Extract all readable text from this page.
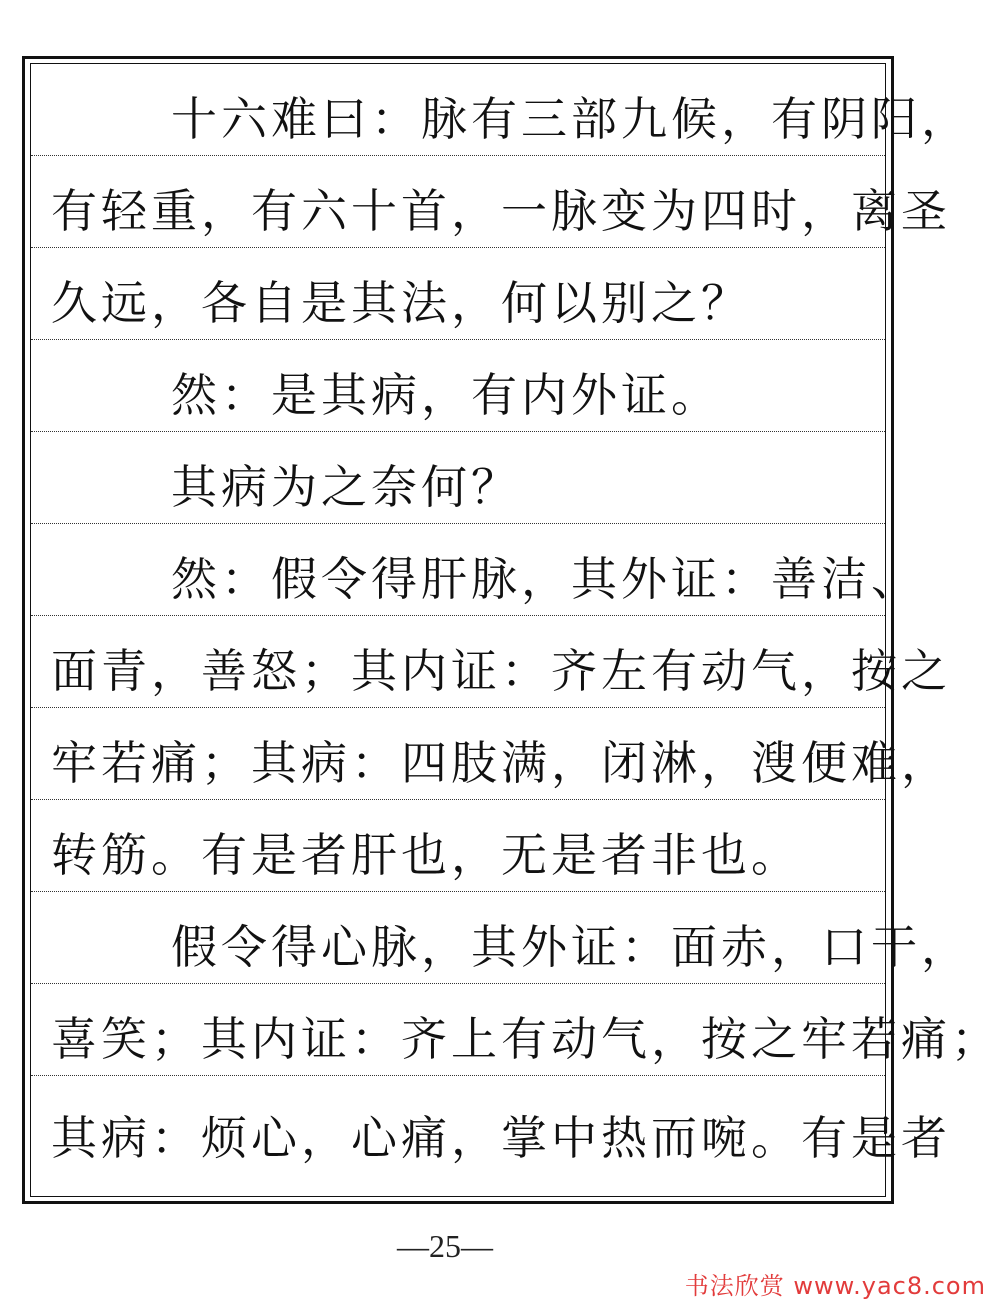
十六难曰：脉有三部九候，有阴阳，
有轻重，有六十首，一脉变为四时，离圣
久远，各自是其法，何以别之？
然：是其病，有内外证。
其病为之奈何？
然：假令得肝脉，其外证：善洁、
面青，善怒；其内证：齐左有动气，按之
牢若痛；其病：四肢满，闭淋，溲便难，
转筋。有是者肝也，无是者非也。
假令得心脉，其外证：面赤，口干，
喜笑；其内证：齐上有动气，按之牢若痛；
其病：烦心，心痛，掌中热而啘。有是者
—25—
书法欣赏 www.yac8.com
